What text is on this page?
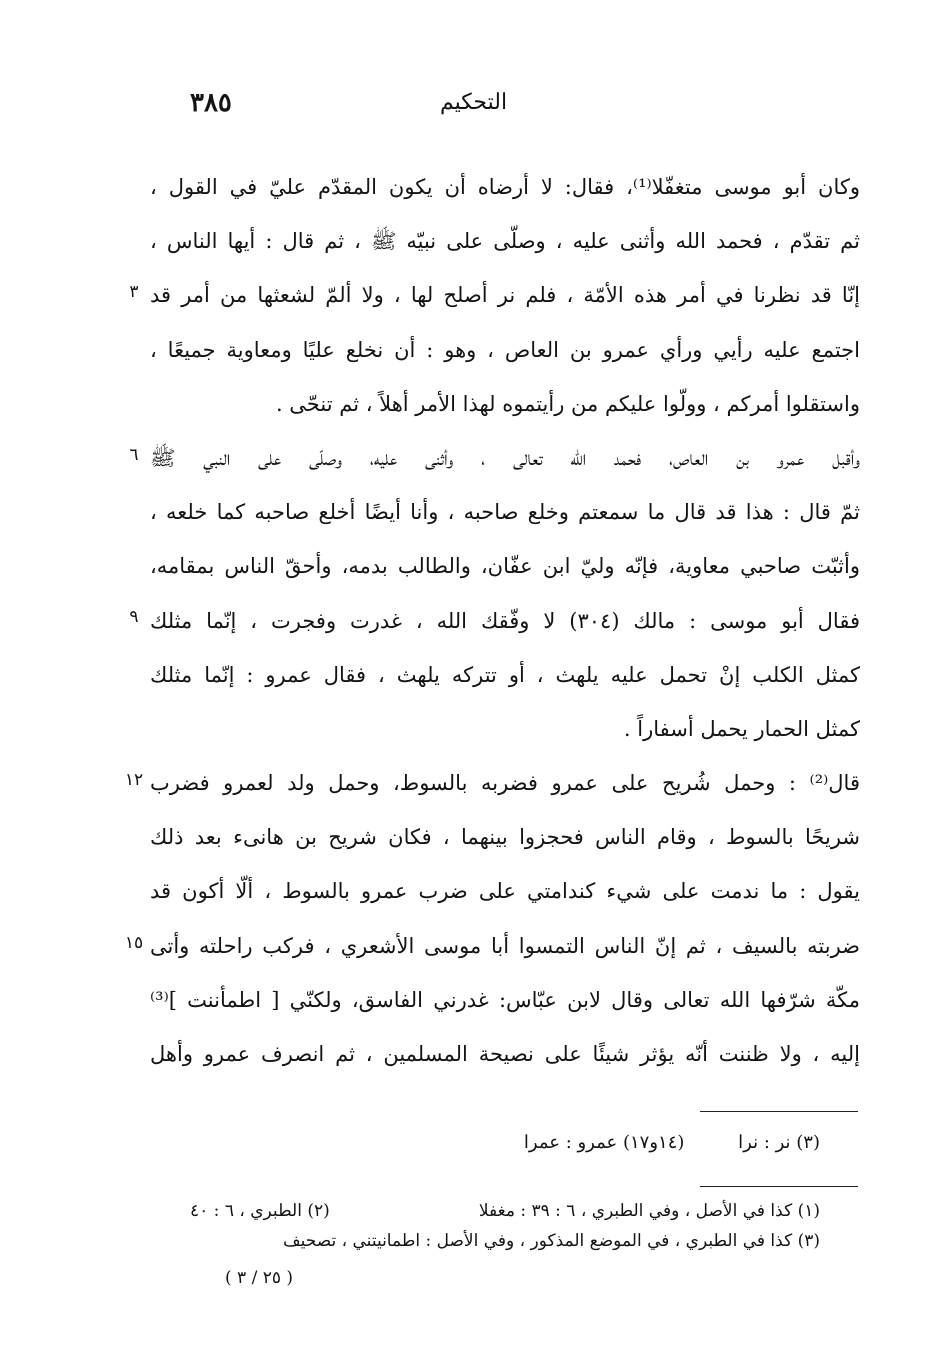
٣٨٥	التحكيم
وكان أبو موسى متغفّلا⁽¹⁾، فقال: لا أرضاه أن يكون المقدّم عليّ في القول ،
ثم تقدّم ، فحمد الله وأثنى عليه ، وصلّى على نبيّه ﷺ ، ثم قال : أيها الناس ،
إنّا قد نظرنا في أمر هذه الأمّة ، فلم نر أصلح لها ، ولا ألمّ لشعثها من أمر قد
اجتمع عليه رأيي ورأي عمرو بن العاص ، وهو : أن نخلع عليًا ومعاوية جميعًا ،
واستقلوا أمركم ، وولّوا عليكم من رأيتموه لهذا الأمر أهلاً ، ثم تنحّى .
وأقبل عمرو بن العاص، فحمد الله تعالى ، وأثنى عليه، وصلّى على النبي ﷺ
ثمّ قال : هذا قد قال ما سمعتم وخلع صاحبه ، وأنا أيضًا أخلع صاحبه كما خلعه ،
وأثبّت صاحبي معاوية، فإنّه وليّ ابن عفّان، والطالب بدمه، وأحقّ الناس بمقامه،
فقال أبو موسى : مالك (٣٠٤) لا وفّقك الله ، غدرت وفجرت ، إنّما مثلك
كمثل الكلب إنْ تحمل عليه يلهث ، أو تتركه يلهث ، فقال عمرو : إنّما مثلك
كمثل الحمار يحمل أسفاراً .
قال⁽²⁾ : وحمل شُريح على عمرو فضربه بالسوط، وحمل ولد لعمرو فضرب
شريحًا بالسوط ، وقام الناس فحجزوا بينهما ، فكان شريح بن هانىء بعد ذلك
يقول : ما ندمت على شيء كندامتي على ضرب عمرو بالسوط ، ألّا أكون قد
ضربته بالسيف ، ثم إنّ الناس التمسوا أبا موسى الأشعري ، فركب راحلته وأتى
مكّة شرّفها الله تعالى وقال لابن عبّاس: غدرني الفاسق، ولكنّي [ اطمأننت ]⁽³⁾
إليه ، ولا ظننت أنّه يؤثر شيئًا على نصيحة المسلمين ، ثم انصرف عمرو وأهل
٣
٦
٩
١٢
١٥
(٣) نر : نرا (١٤و١٧) عمرو : عمرا
(١) كذا في الأصل ، وفي الطبري ، ٦ : ٣٩ : مغفلا
(٢) الطبري ، ٦ : ٤٠
(٣) كذا في الطبري ، في الموضع المذكور ، وفي الأصل : اطمانيتني ، تصحيف
( ٢٥ / ٣ )
